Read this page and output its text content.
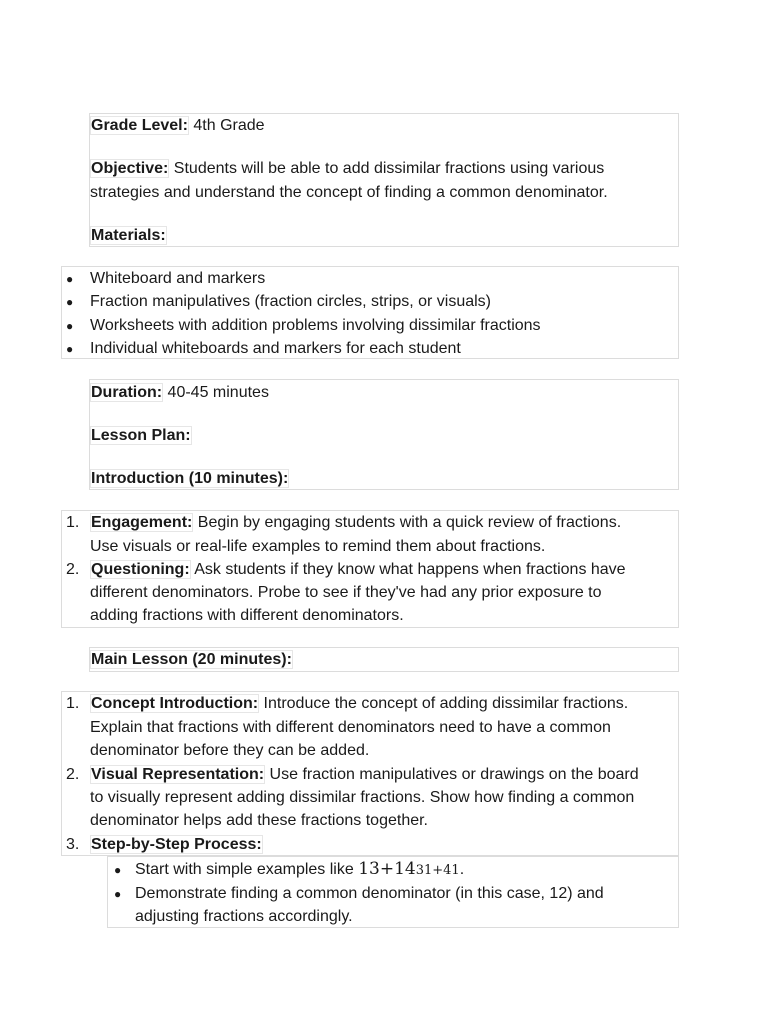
Grade Level: 4th Grade
Objective: Students will be able to add dissimilar fractions using various
strategies and understand the concept of finding a common denominator.
Materials:
● Whiteboard and markers
● Fraction manipulatives (fraction circles, strips, or visuals)
● Worksheets with addition problems involving dissimilar fractions
● Individual whiteboards and markers for each student
Duration: 40-45 minutes
Lesson Plan:
Introduction (10 minutes):
1. Engagement: Begin by engaging students with a quick review of fractions.
Use visuals or real-life examples to remind them about fractions.
2. Questioning: Ask students if they know what happens when fractions have
different denominators. Probe to see if they've had any prior exposure to
adding fractions with different denominators.
Main Lesson (20 minutes):
1. Concept Introduction: Introduce the concept of adding dissimilar fractions.
Explain that fractions with different denominators need to have a common
denominator before they can be added.
2. Visual Representation: Use fraction manipulatives or drawings on the board
to visually represent adding dissimilar fractions. Show how finding a common
denominator helps add these fractions together.
3. Step-by-Step Process:
● Start with simple examples like 13+1431+41.
● Demonstrate finding a common denominator (in this case, 12) and
adjusting fractions accordingly.
